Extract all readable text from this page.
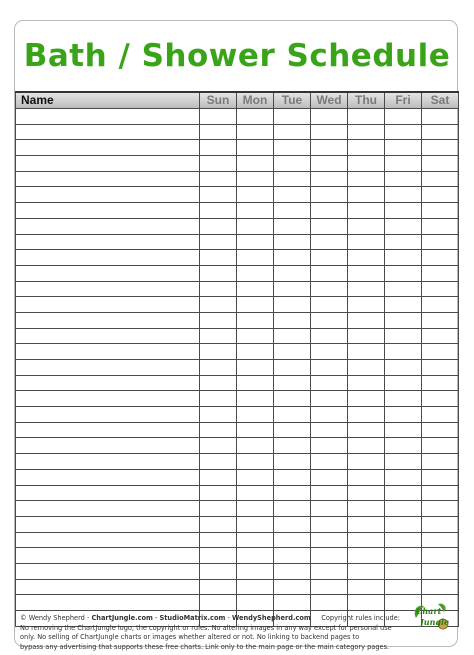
Bath / Shower Schedule
Name	Sun	Mon	Tue	Wed	Thu	Fri	Sat

© Wendy Shepherd - ChartJungle.com - StudioMatrix.com - WendyShepherd.com     Copyright rules include:
No removing the ChartJungle logo, the copyright or rules. No altering images in any way except for personal use
only. No selling of ChartJungle charts or images whether altered or not. No linking to backend pages to
bypass any advertising that supports these free charts. Link only to the main page or the main category pages.
Chart
Jungle
